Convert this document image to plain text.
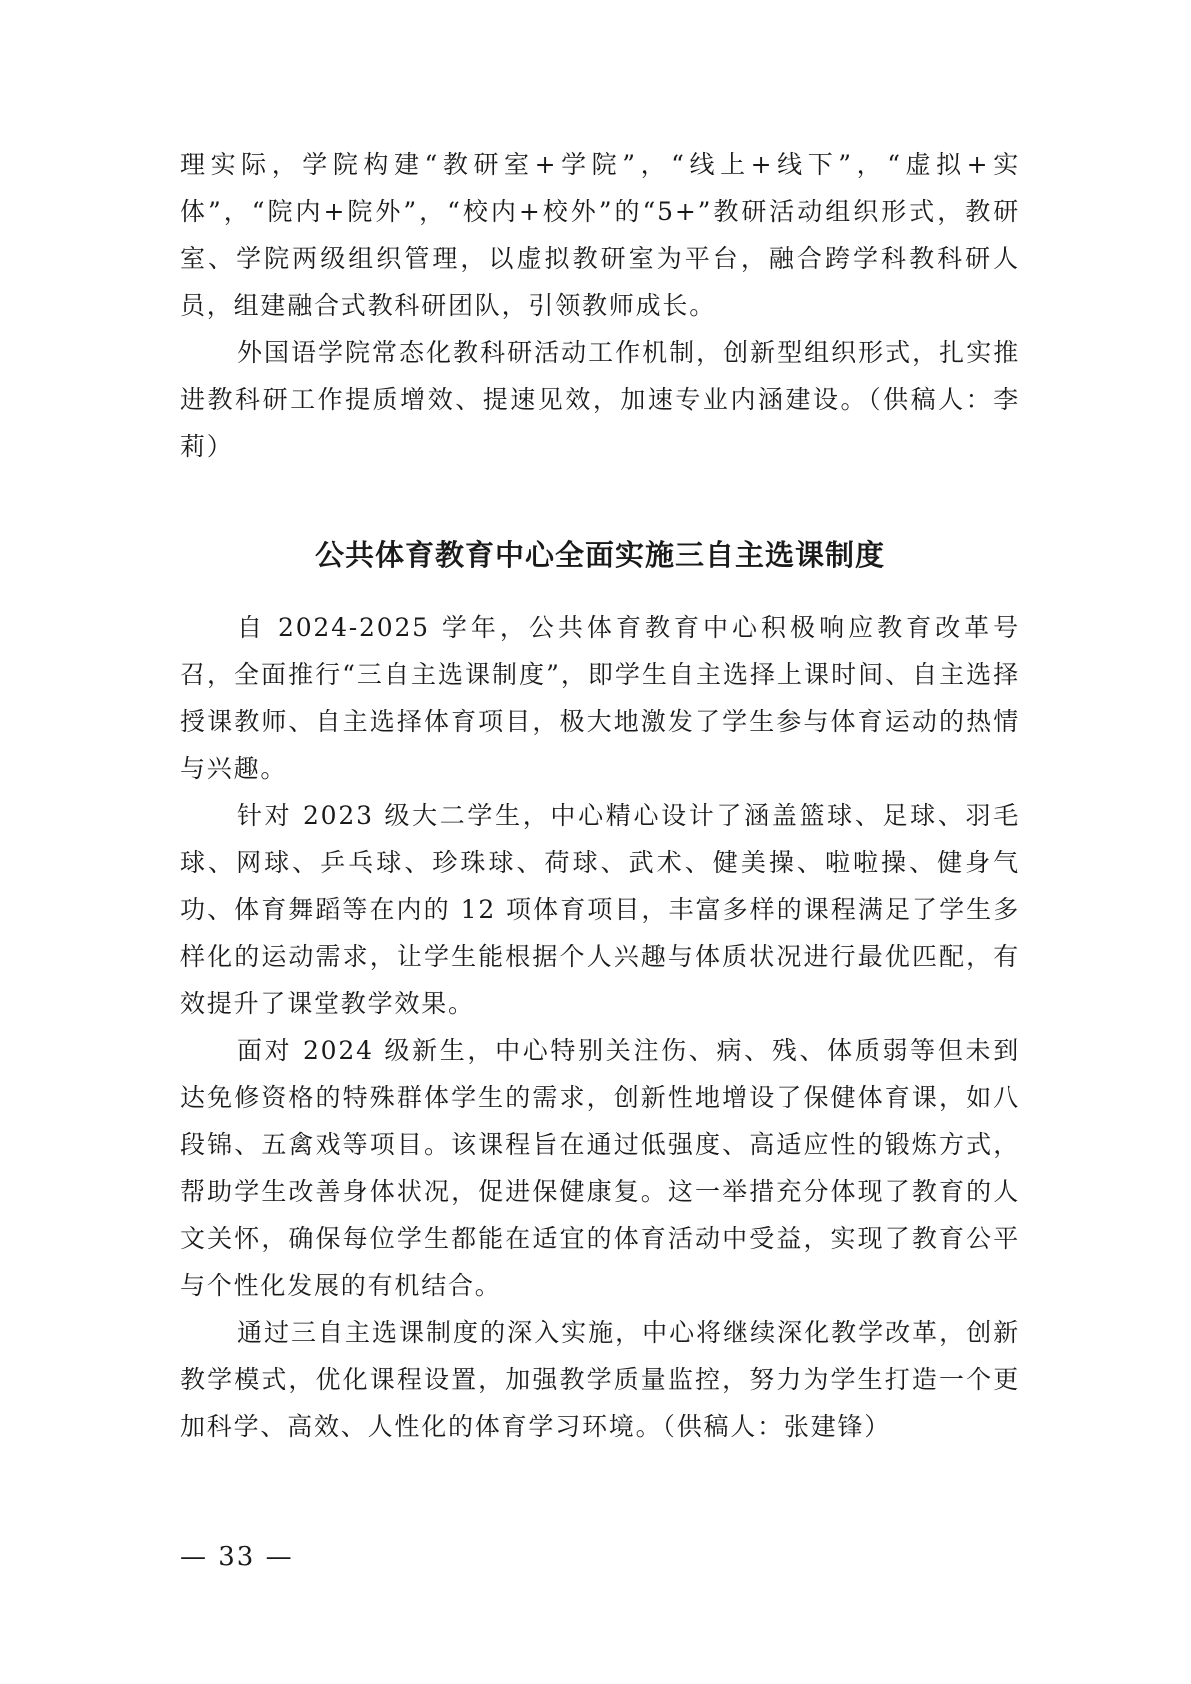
理实际，学院构建“教研室+学院”，“线上+线下”，“虚拟+实体”，“院内+院外”，“校内+校外”的“5+”教研活动组织形式，教研室、学院两级组织管理，以虚拟教研室为平台，融合跨学科教科研人员，组建融合式教科研团队，引领教师成长。

外国语学院常态化教科研活动工作机制，创新型组织形式，扎实推进教科研工作提质增效、提速见效，加速专业内涵建设。（供稿人：李莉）

公共体育教育中心全面实施三自主选课制度

自 2024-2025 学年，公共体育教育中心积极响应教育改革号召，全面推行“三自主选课制度”，即学生自主选择上课时间、自主选择授课教师、自主选择体育项目，极大地激发了学生参与体育运动的热情与兴趣。

针对 2023 级大二学生，中心精心设计了涵盖篮球、足球、羽毛球、网球、乒乓球、珍珠球、荷球、武术、健美操、啦啦操、健身气功、体育舞蹈等在内的 12 项体育项目，丰富多样的课程满足了学生多样化的运动需求，让学生能根据个人兴趣与体质状况进行最优匹配，有效提升了课堂教学效果。

面对 2024 级新生，中心特别关注伤、病、残、体质弱等但未到达免修资格的特殊群体学生的需求，创新性地增设了保健体育课，如八段锦、五禽戏等项目。该课程旨在通过低强度、高适应性的锻炼方式，帮助学生改善身体状况，促进保健康复。这一举措充分体现了教育的人文关怀，确保每位学生都能在适宜的体育活动中受益，实现了教育公平与个性化发展的有机结合。

通过三自主选课制度的深入实施，中心将继续深化教学改革，创新教学模式，优化课程设置，加强教学质量监控，努力为学生打造一个更加科学、高效、人性化的体育学习环境。（供稿人：张建锋）

— 33 —
